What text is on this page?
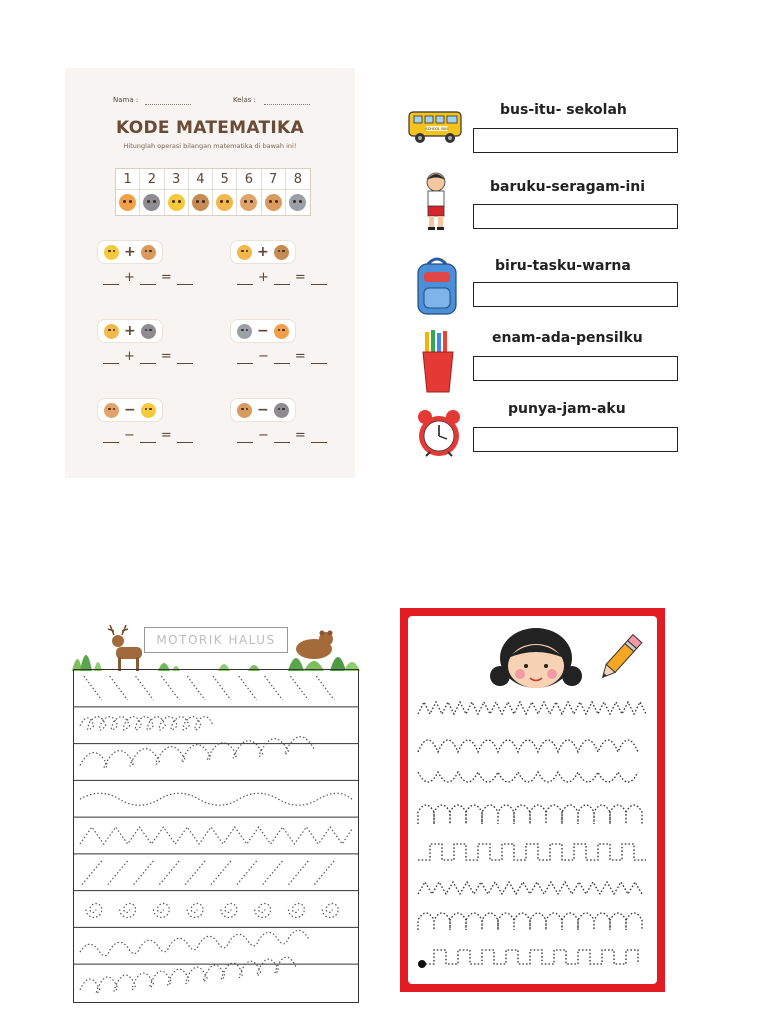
Nama :	Kelas :
KODE MATEMATIKA
Hitunglah operasi bilangan matematika di bawah ini!
1	2	3	4	5	6	7	8
+
+ =
+
+ =
+
+ =
−
− =
−
− =
−
− =
SCHOOL BUS
bus-itu- sekolah
baruku-seragam-ini
biru-tasku-warna
enam-ada-pensilku
punya-jam-aku
MOTORIK HALUS
